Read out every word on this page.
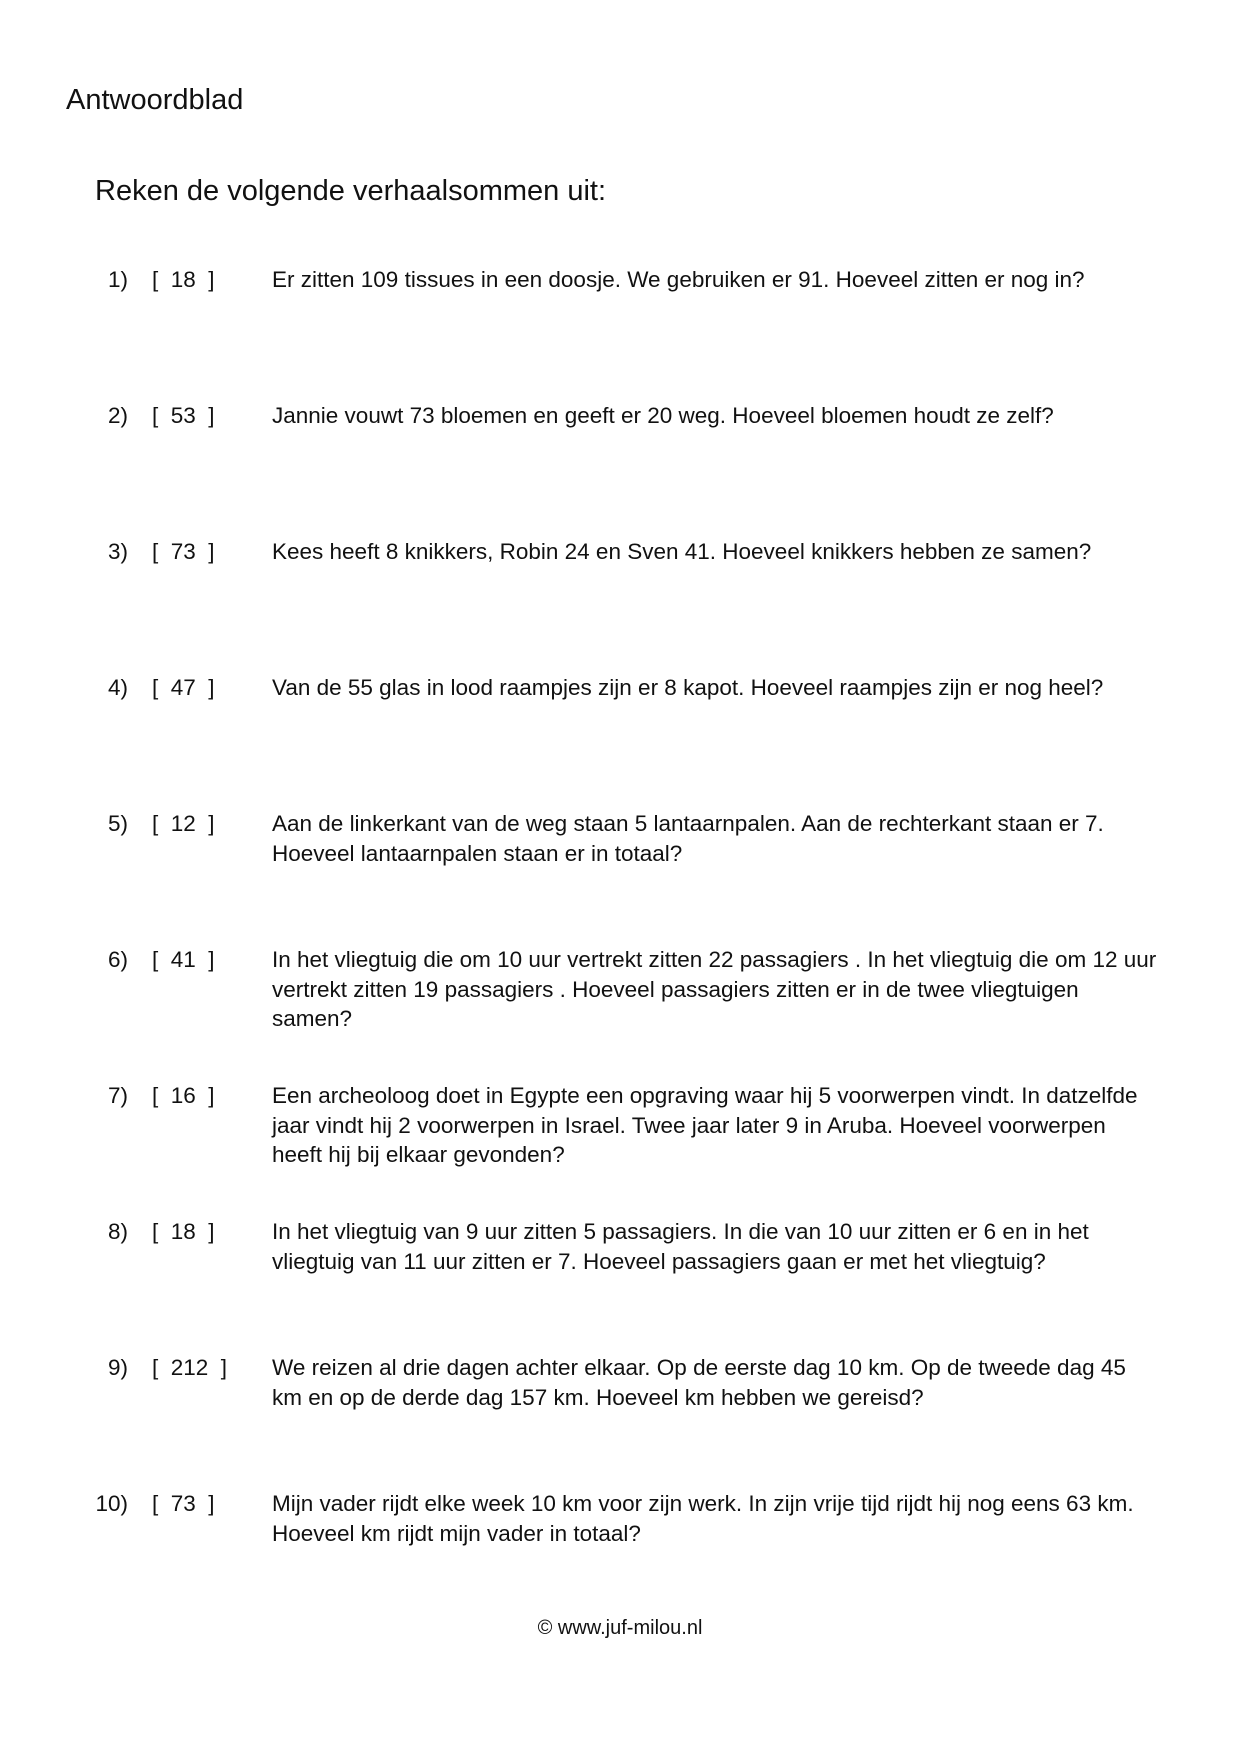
Antwoordblad
Reken de volgende verhaalsommen uit:
1) [  18  ]	Er zitten 109 tissues in een doosje. We gebruiken er 91. Hoeveel zitten er nog in?
2) [  53  ]	Jannie vouwt 73 bloemen en geeft er 20 weg. Hoeveel bloemen houdt ze zelf?
3) [  73  ]	Kees heeft 8 knikkers, Robin 24 en Sven 41. Hoeveel knikkers hebben ze samen?
4) [  47  ]	Van de 55 glas in lood raampjes zijn er 8 kapot. Hoeveel raampjes zijn er nog heel?
5) [  12  ]	Aan de linkerkant van de weg staan 5 lantaarnpalen. Aan de rechterkant staan er 7. Hoeveel lantaarnpalen staan er in totaal?
6) [  41  ]	In het vliegtuig die om 10 uur vertrekt zitten 22 passagiers . In het vliegtuig die om 12 uur vertrekt zitten 19 passagiers . Hoeveel passagiers zitten er in de twee vliegtuigen samen?
7) [  16  ]	Een archeoloog doet in Egypte een opgraving waar hij 5 voorwerpen vindt. In datzelfde jaar vindt hij 2 voorwerpen in Israel. Twee jaar later 9 in Aruba. Hoeveel voorwerpen heeft hij bij elkaar gevonden?
8) [  18  ]	In het vliegtuig van 9 uur zitten 5 passagiers. In die van 10 uur zitten er 6 en in het vliegtuig van 11 uur zitten er 7. Hoeveel passagiers gaan er met het vliegtuig?
9) [  212  ] We reizen al drie dagen achter elkaar. Op de eerste dag 10 km. Op de tweede dag 45 km en op de derde dag 157 km. Hoeveel km hebben we gereisd?
10) [  73  ]	Mijn vader rijdt elke week 10 km voor zijn werk. In zijn vrije tijd rijdt hij nog eens 63 km. Hoeveel km rijdt mijn vader in totaal?
© www.juf-milou.nl
